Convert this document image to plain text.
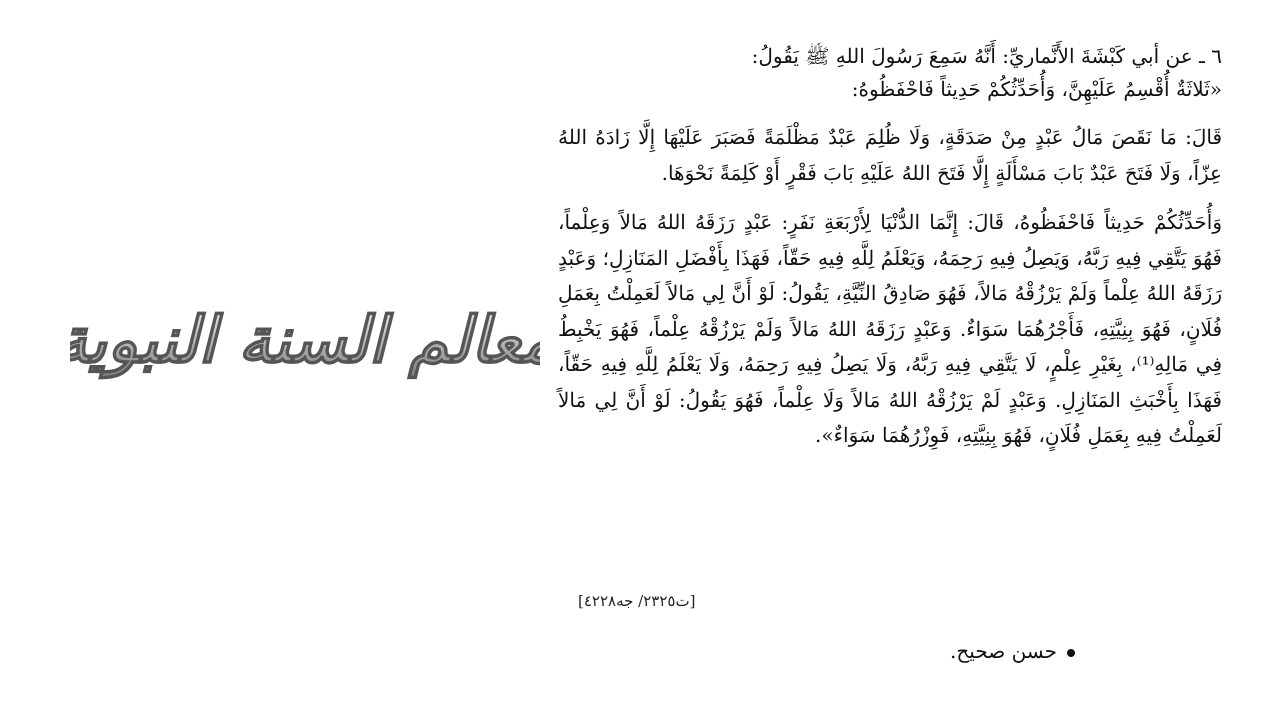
معالم السنة النبوية

٦ ـ عن أبي كَبْشَةَ الأَنَّماريِّ: أَنَّهُ سَمِعَ رَسُولَ اللهِ ﷺ يَقُولُ:

«ثَلاثَةٌ أُقْسِمُ عَلَيْهِنَّ، وَأُحَدِّثُكُمْ حَدِيثاً فَاحْفَظُوهُ:

قَالَ: مَا نَقَصَ مَالُ عَبْدٍ مِنْ صَدَقَةٍ، وَلَا ظُلِمَ عَبْدٌ مَظْلَمَةً فَصَبَرَ عَلَيْهَا إِلَّا زَادَهُ اللهُ عِزّاً، وَلَا فَتَحَ عَبْدٌ بَابَ مَسْأَلَةٍ إِلَّا فَتَحَ اللهُ عَلَيْهِ بَابَ فَقْرٍ أَوْ كَلِمَةً نَحْوَهَا.

وَأُحَدِّثُكُمْ حَدِيثاً فَاحْفَظُوهُ، قَالَ: إِنَّمَا الدُّنْيَا لِأَرْبَعَةِ نَفَرٍ: عَبْدٍ رَزَقَهُ اللهُ مَالاً وَعِلْماً، فَهُوَ يَتَّقِي فِيهِ رَبَّهُ، وَيَصِلُ فِيهِ رَحِمَهُ، وَيَعْلَمُ لِلَّهِ فِيهِ حَقّاً، فَهَذَا بِأَفْضَلِ المَنَازِلِ؛ وَعَبْدٍ رَزَقَهُ اللهُ عِلْماً وَلَمْ يَرْزُقْهُ مَالاً، فَهُوَ صَادِقُ النِّيَّةِ، يَقُولُ: لَوْ أَنَّ لِي مَالاً لَعَمِلْتُ بِعَمَلِ فُلَانٍ، فَهُوَ بِنِيَّتِهِ، فَأَجْرُهُمَا سَوَاءٌ. وَعَبْدٍ رَزَقَهُ اللهُ مَالاً وَلَمْ يَرْزُقْهُ عِلْماً، فَهُوَ يَخْبِطُ فِي مَالِهِ⁽¹⁾، بِغَيْرِ عِلْمٍ، لَا يَتَّقِي فِيهِ رَبَّهُ، وَلَا يَصِلُ فِيهِ رَحِمَهُ، وَلَا يَعْلَمُ لِلَّهِ فِيهِ حَقّاً، فَهَذَا بِأَخْبَثِ المَنَازِلِ. وَعَبْدٍ لَمْ يَرْزُقْهُ اللهُ مَالاً وَلَا عِلْماً، فَهُوَ يَقُولُ: لَوْ أَنَّ لِي مَالاً لَعَمِلْتُ فِيهِ بِعَمَلِ فُلَانٍ، فَهُوَ بِنِيَّتِهِ، فَوِزْرُهُمَا سَوَاءٌ».

[ت٢٣٢٥/ جه٤٢٢٨]
حسن صحيح.
